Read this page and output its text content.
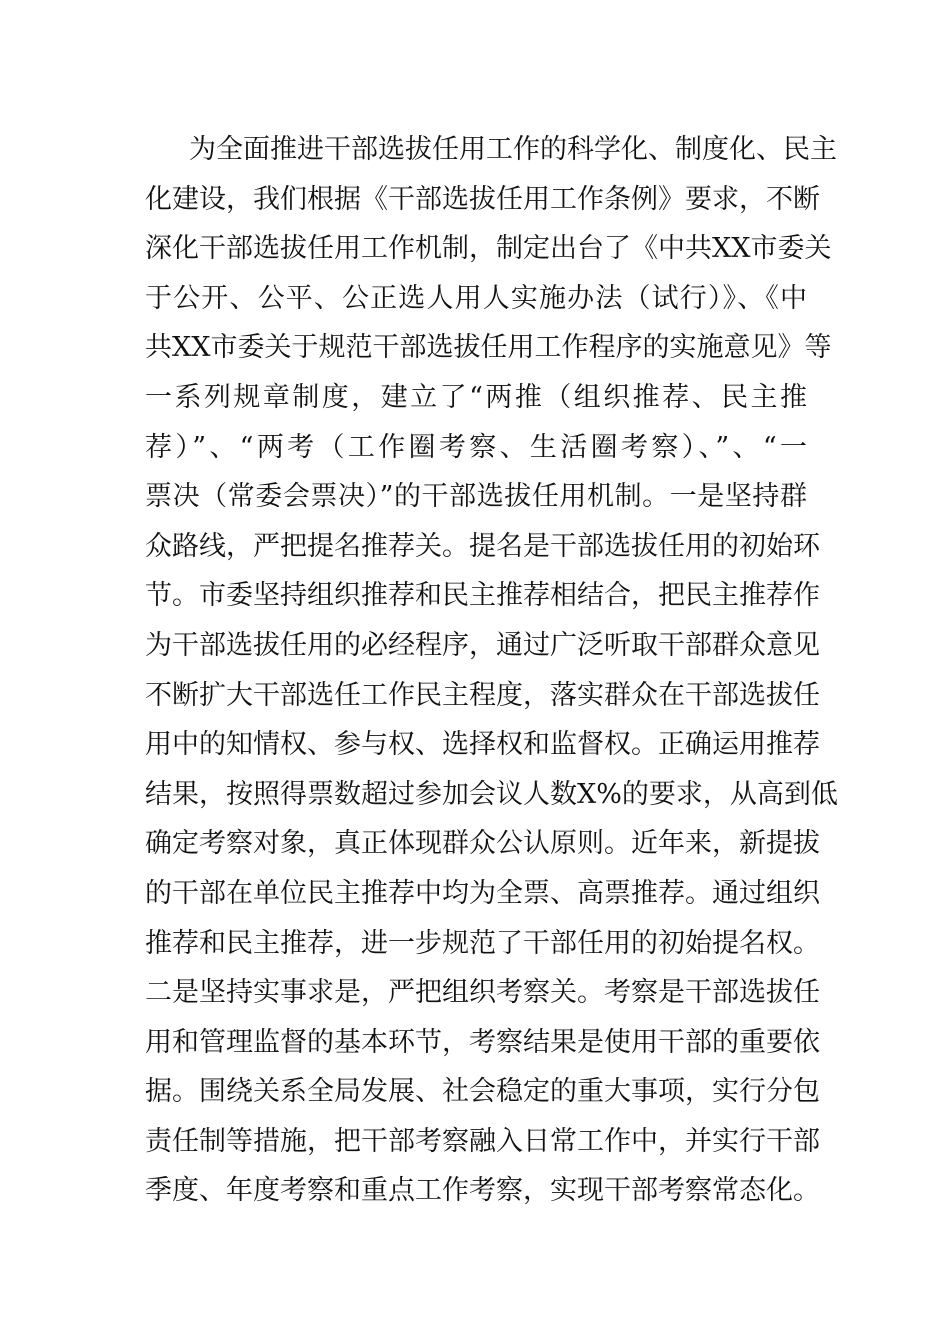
为全面推进干部选拔任用工作的科学化、制度化、民主
化建设，我们根据《干部选拔任用工作条例》要求，不断
深化干部选拔任用工作机制，制定出台了《中共XX市委关
于公开、公平、公正选人用人实施办法（试行）》、《中
共XX市委关于规范干部选拔任用工作程序的实施意见》等
一系列规章制度，建立了“两推（组织推荐、民主推
荐）”、“两考（工作圈考察、生活圈考察）、”、“一
票决（常委会票决）”的干部选拔任用机制。一是坚持群
众路线，严把提名推荐关。提名是干部选拔任用的初始环
节。市委坚持组织推荐和民主推荐相结合，把民主推荐作
为干部选拔任用的必经程序，通过广泛听取干部群众意见
不断扩大干部选任工作民主程度，落实群众在干部选拔任
用中的知情权、参与权、选择权和监督权。正确运用推荐
结果，按照得票数超过参加会议人数X%的要求，从高到低
确定考察对象，真正体现群众公认原则。近年来，新提拔
的干部在单位民主推荐中均为全票、高票推荐。通过组织
推荐和民主推荐，进一步规范了干部任用的初始提名权。
二是坚持实事求是，严把组织考察关。考察是干部选拔任
用和管理监督的基本环节，考察结果是使用干部的重要依
据。围绕关系全局发展、社会稳定的重大事项，实行分包
责任制等措施，把干部考察融入日常工作中，并实行干部
季度、年度考察和重点工作考察，实现干部考察常态化。
